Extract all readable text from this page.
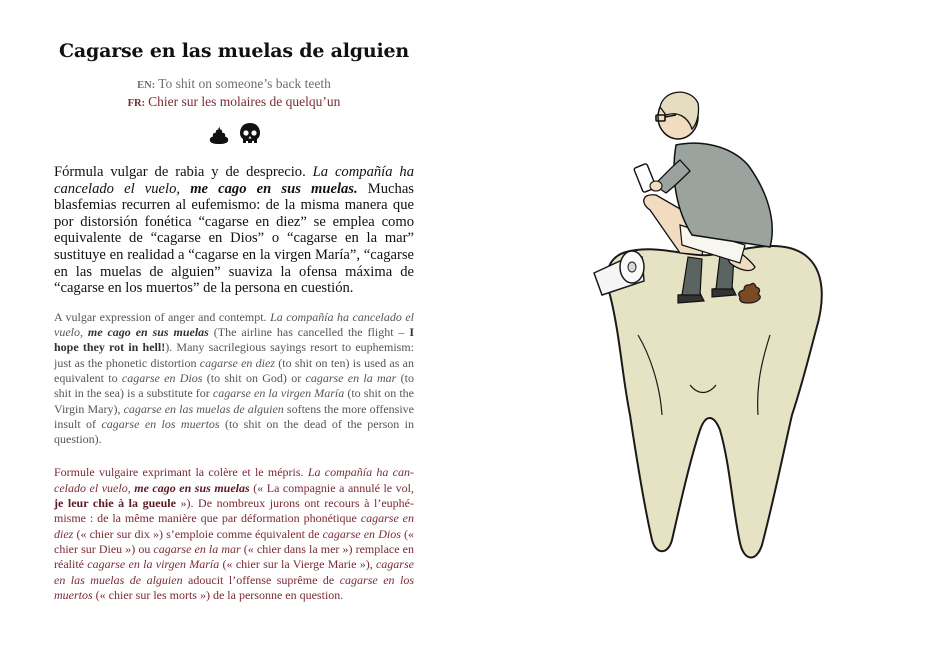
Cagarse en las muelas de alguien
EN: To shit on someone’s back teeth
FR: Chier sur les molaires de quelqu’un

Fórmula vulgar de rabia y de desprecio. La compañía ha cancelado el vuelo, me cago en sus muelas. Muchas blasfemias recurren al eufemismo: de la misma manera que por distorsión fonética “cagarse en diez” se emplea como equivalente de “cagarse en Dios” o “cagarse en la mar” sustituye en realidad a “cagarse en la virgen María”, “cagarse en las muelas de alguien” suaviza la ofensa máxima de “cagarse en los muertos” de la persona en cuestión.

A vulgar expression of anger and contempt. La compañía ha cancelado el vuelo, me cago en sus muelas (The airline has cancelled the flight – I hope they rot in hell!). Many sacrilegious sayings resort to euphemism: just as the phonetic distortion cagarse en diez (to shit on ten) is used as an equivalent to cagarse en Dios (to shit on God) or cagarse en la mar (to shit in the sea) is a substitute for cagarse en la virgen María (to shit on the Virgin Mary), cagarse en las muelas de alguien softens the more offensive insult of cagarse en los muertos (to shit on the dead of the person in question).

Formule vulgaire exprimant la colère et le mépris. La compañía ha cancelado el vuelo, me cago en sus muelas (« La compagnie a annulé le vol, je leur chie à la gueule »). De nombreux jurons ont recours à l’euphémisme : de la même manière que par déformation phonétique cagarse en diez (« chier sur dix ») s’emploie comme équivalent de cagarse en Dios (« chier sur Dieu ») ou cagarse en la mar (« chier dans la mer ») remplace en réalité cagarse en la virgen María (« chier sur la Vierge Marie »), cagarse en las muelas de alguien adoucit l’offense suprême de cagarse en los muertos (« chier sur les morts ») de la personne en question.
